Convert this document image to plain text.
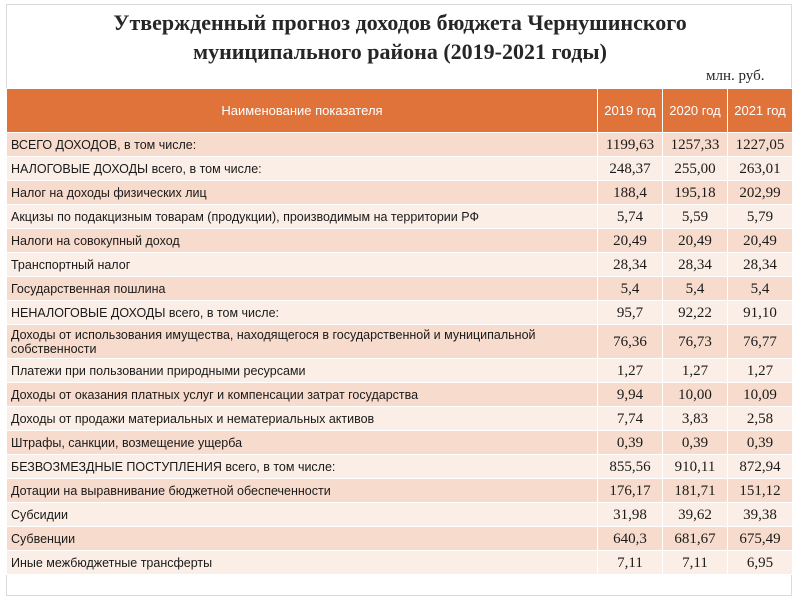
Утвержденный прогноз доходов бюджета Чернушинского
муниципального района (2019-2021 годы)
млн. руб.
Наименование показателя	2019 год	2020 год	2021 год
ВСЕГО ДОХОДОВ, в том числе:	1199,63	1257,33	1227,05
НАЛОГОВЫЕ ДОХОДЫ всего, в том числе:	248,37	255,00	263,01
Налог на доходы физических лиц	188,4	195,18	202,99
Акцизы по подакцизным товарам (продукции), производимым на территории РФ	5,74	5,59	5,79
Налоги на совокупный доход	20,49	20,49	20,49
Транспортный налог	28,34	28,34	28,34
Государственная пошлина	5,4	5,4	5,4
НЕНАЛОГОВЫЕ ДОХОДЫ всего, в том числе:	95,7	92,22	91,10
Доходы от использования имущества, находящегося в государственной и муниципальной собственности	76,36	76,73	76,77
Платежи при пользовании природными ресурсами	1,27	1,27	1,27
Доходы от оказания платных услуг и компенсации затрат государства	9,94	10,00	10,09
Доходы от продажи материальных и нематериальных активов	7,74	3,83	2,58
Штрафы, санкции, возмещение ущерба	0,39	0,39	0,39
БЕЗВОЗМЕЗДНЫЕ ПОСТУПЛЕНИЯ всего, в том числе:	855,56	910,11	872,94
Дотации на выравнивание бюджетной обеспеченности	176,17	181,71	151,12
Субсидии	31,98	39,62	39,38
Субвенции	640,3	681,67	675,49
Иные межбюджетные трансферты	7,11	7,11	6,95
